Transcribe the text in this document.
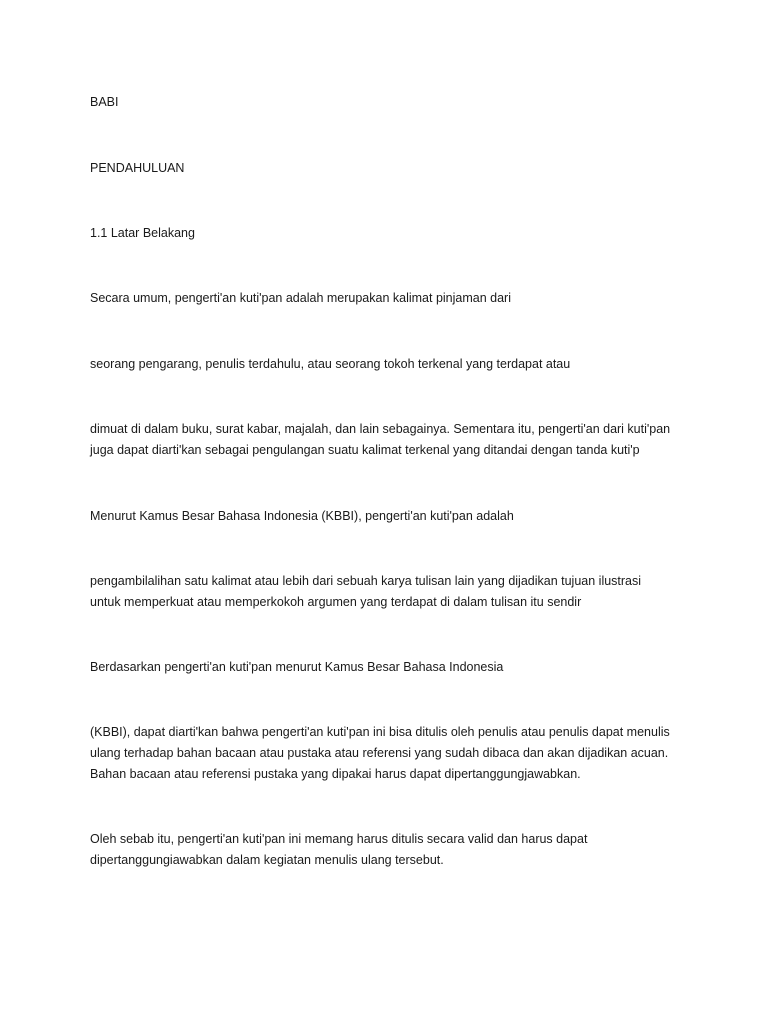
BABI
PENDAHULUAN
1.1 Latar Belakang
Secara umum, pengerti'an kuti'pan adalah merupakan kalimat pinjaman dari
seorang pengarang, penulis terdahulu, atau seorang tokoh terkenal yang terdapat atau
dimuat di dalam buku, surat kabar, majalah, dan lain sebagainya. Sementara itu, pengerti'an dari kuti'pan
juga dapat diarti'kan sebagai pengulangan suatu kalimat terkenal yang ditandai dengan tanda kuti'p
Menurut Kamus Besar Bahasa Indonesia (KBBI), pengerti'an kuti'pan adalah
pengambilalihan satu kalimat atau lebih dari sebuah karya tulisan lain yang dijadikan tujuan ilustrasi
untuk memperkuat atau memperkokoh argumen yang terdapat di dalam tulisan itu sendir
Berdasarkan pengerti'an kuti'pan menurut Kamus Besar Bahasa Indonesia
(KBBI), dapat diarti'kan bahwa pengerti'an kuti'pan ini bisa ditulis oleh penulis atau penulis dapat menulis
ulang terhadap bahan bacaan atau pustaka atau referensi yang sudah dibaca dan akan dijadikan acuan.
Bahan bacaan atau referensi pustaka yang dipakai harus dapat dipertanggungjawabkan.
Oleh sebab itu, pengerti'an kuti'pan ini memang harus ditulis secara valid dan harus dapat
dipertanggungiawabkan dalam kegiatan menulis ulang tersebut.
